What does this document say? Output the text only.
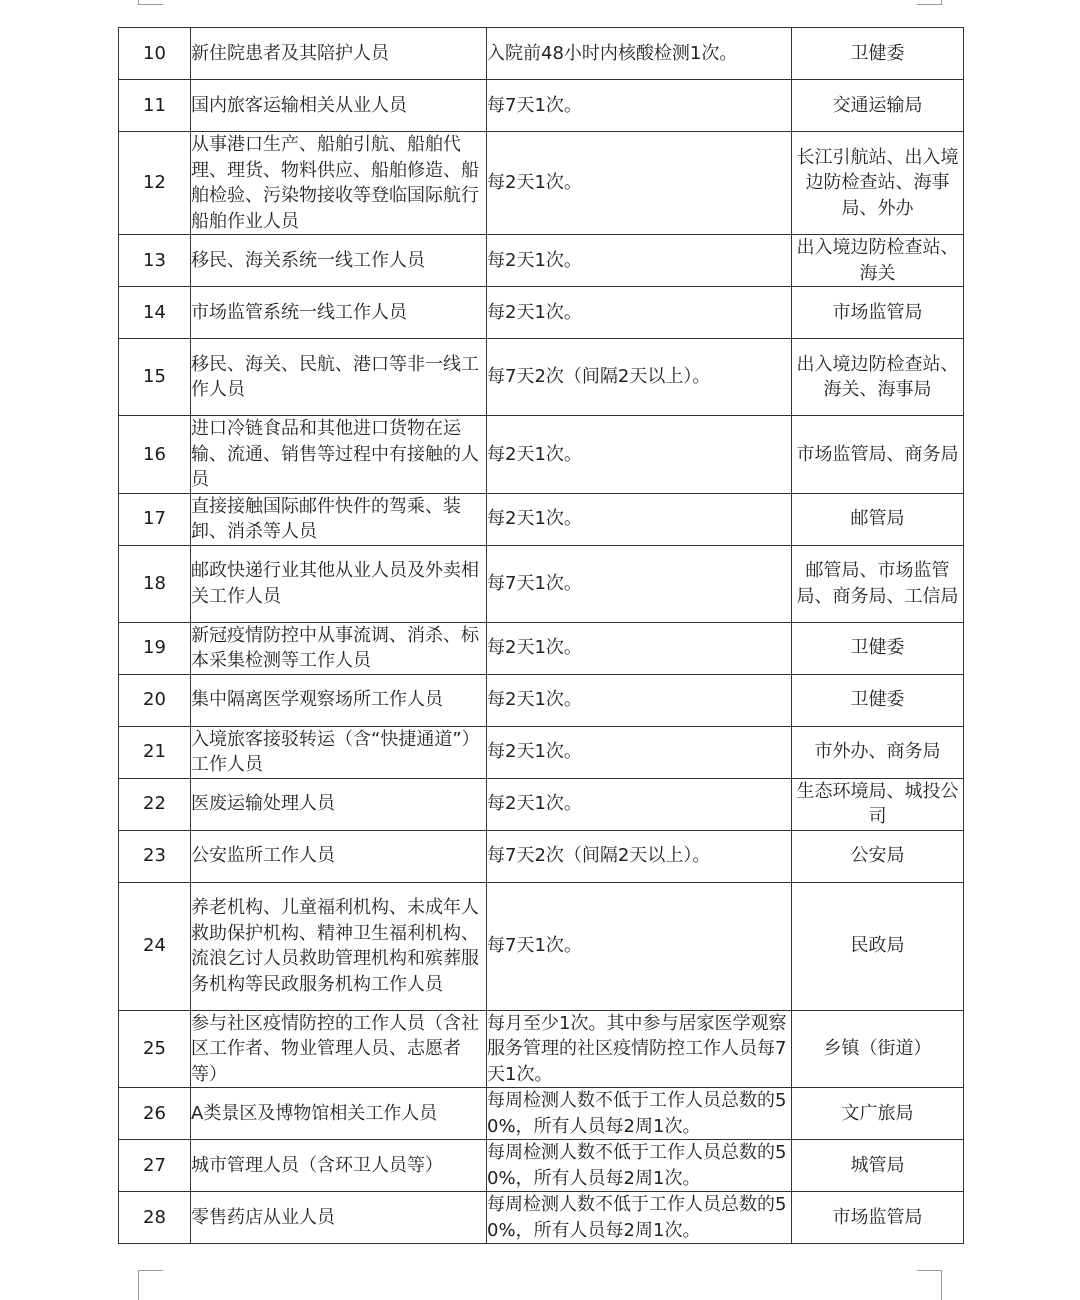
10	新住院患者及其陪护人员	入院前48小时内核酸检测1次。	卫健委
11	国内旅客运输相关从业人员	每7天1次。	交通运输局
12	从事港口生产、船舶引航、船舶代理、理货、物料供应、船舶修造、船舶检验、污染物接收等登临国际航行船舶作业人员	每2天1次。	长江引航站、出入境边防检查站、海事局、外办
13	移民、海关系统一线工作人员	每2天1次。	出入境边防检查站、海关
14	市场监管系统一线工作人员	每2天1次。	市场监管局
15	移民、海关、民航、港口等非一线工作人员	每7天2次（间隔2天以上）。	出入境边防检查站、海关、海事局
16	进口冷链食品和其他进口货物在运输、流通、销售等过程中有接触的人员	每2天1次。	市场监管局、商务局
17	直接接触国际邮件快件的驾乘、装卸、消杀等人员	每2天1次。	邮管局
18	邮政快递行业其他从业人员及外卖相关工作人员	每7天1次。	邮管局、市场监管局、商务局、工信局
19	新冠疫情防控中从事流调、消杀、标本采集检测等工作人员	每2天1次。	卫健委
20	集中隔离医学观察场所工作人员	每2天1次。	卫健委
21	入境旅客接驳转运（含“快捷通道”）工作人员	每2天1次。	市外办、商务局
22	医废运输处理人员	每2天1次。	生态环境局、城投公司
23	公安监所工作人员	每7天2次（间隔2天以上）。	公安局
24	养老机构、儿童福利机构、未成年人救助保护机构、精神卫生福利机构、流浪乞讨人员救助管理机构和殡葬服务机构等民政服务机构工作人员	每7天1次。	民政局
25	参与社区疫情防控的工作人员（含社区工作者、物业管理人员、志愿者等）	每月至少1次。其中参与居家医学观察服务管理的社区疫情防控工作人员每7天1次。	乡镇（街道）
26	A类景区及博物馆相关工作人员	每周检测人数不低于工作人员总数的50%，所有人员每2周1次。	文广旅局
27	城市管理人员（含环卫人员等）	每周检测人数不低于工作人员总数的50%，所有人员每2周1次。	城管局
28	零售药店从业人员	每周检测人数不低于工作人员总数的50%，所有人员每2周1次。	市场监管局
